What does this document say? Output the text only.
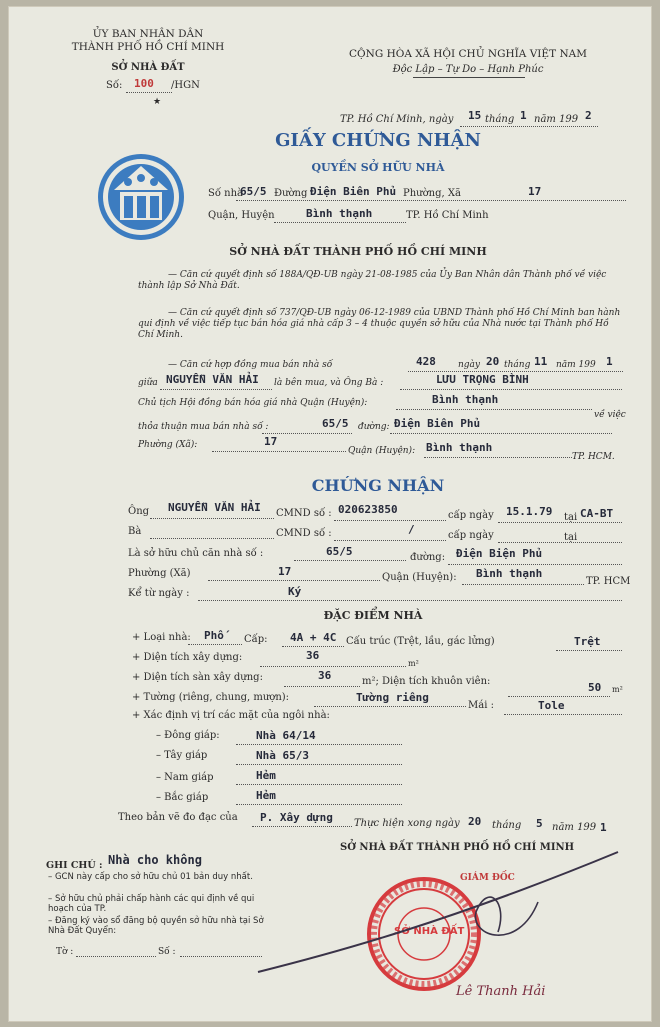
ỦY BAN NHÂN DÂN
THÀNH PHỐ HỒ CHÍ MINH
SỞ NHÀ ĐẤT
Số: 100 /HGN
★
CỘNG HÒA XÃ HỘI CHỦ NGHĨA VIỆT NAM
Độc Lập – Tự Do – Hạnh Phúc
TP. Hồ Chí Minh, ngày 15 tháng 1 năm 199 2
GIẤY CHỨNG NHẬN
QUYỀN SỞ HỮU NHÀ
Số nhà
65/5 Đường Điện Biên Phủ Phường, Xã	17
Quận, Huyện	Bình thạnh	TP. Hồ Chí Minh
SỞ NHÀ ĐẤT THÀNH PHỐ HỒ CHÍ MINH
— Căn cứ quyết định số 188A/QĐ-UB ngày 21-08-1985 của Ủy Ban Nhân dân Thành phố về việc thành lập Sở Nhà Đất.
— Căn cứ quyết định số 737/QĐ-UB ngày 06-12-1989 của UBND Thành phố Hồ Chí Minh ban hành qui định về việc tiếp tục bán hóa giá nhà cấp 3 – 4 thuộc quyền sở hữu của Nhà nước tại Thành phố Hồ Chí Minh.
— Căn cứ hợp đồng mua bán nhà số	428 ngày 20 tháng 11 năm 199 1
giữa NGUYỄN VĂN HẢI là bên mua, và Ông Bà :	LƯU TRỌNG BÌNH
Chủ tịch Hội đồng bán hóa giá nhà Quận (Huyện):	Bình thạnh
về việc
thỏa thuận mua bán nhà số :	65/5 đường: Điện Biên Phủ
Phường (Xã):	17
Quận (Huyện): Bình thạnh
TP. HCM.
CHỨNG NHẬN
Ông NGUYỄN VĂN HẢI CMND số : 020623850	cấp ngày 15.1.79 tại CA-BT
Bà	CMND số :	/	cấp ngày	tại
Là sở hữu chủ căn nhà số :	65/5	đường: Điện Biện Phủ
Phường (Xã)	17	Quận (Huyện): Bình thạnh
TP. HCM
Kể từ ngày :	Ký
ĐẶC ĐIỂM NHÀ
+ Loại nhà: Phố Cấp: 4A + 4C Cấu trúc (Trệt, lầu, gác lửng)	Trệt
+ Diện tích xây dựng:	36
m²
+ Diện tích sàn xây dựng:	36	m²; Diện tích khuôn viên:	50 m²
+ Tường (riêng, chung, mượn):	Tường riêng
Mái :	Tole
+ Xác định vị trí các mặt của ngôi nhà:
– Đông giáp:	Nhà 64/14
– Tây giáp	Nhà 65/3
– Nam giáp	Hẻm
– Bắc giáp	Hẻm
Theo bản vẽ đo đạc của P. Xây dựng Thực hiện xong ngày 20 tháng 5 năm 199 1
SỞ NHÀ ĐẤT THÀNH PHỐ HỒ CHÍ MINH
GIÁM ĐỐC
GHI CHÚ : Nhà cho không
– GCN này cấp cho sở hữu chủ 01 bản duy nhất.
– Sở hữu chủ phải chấp hành các qui định về qui hoạch của TP.
– Đăng ký vào sổ đăng bộ quyền sở hữu nhà tại Sở Nhà Đất Quyển:
Tờ :	Số :
SỞ NHÀ ĐẤT
Lê Thanh Hải
